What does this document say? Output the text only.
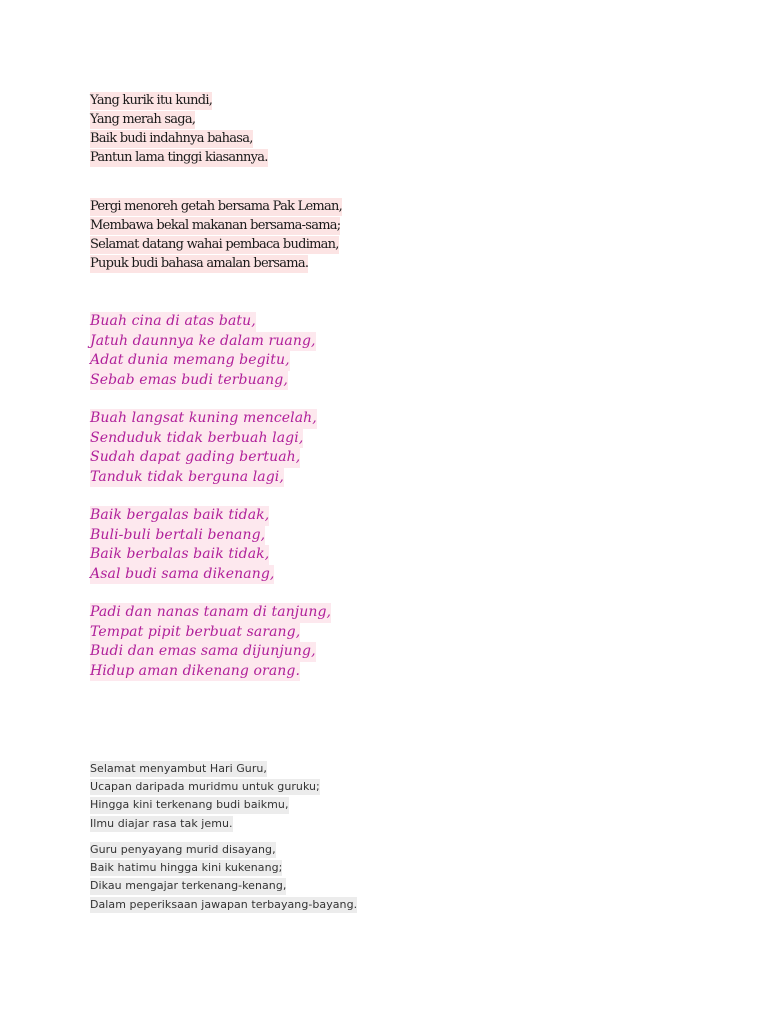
Yang kurik itu kundi,
Yang merah saga,
Baik budi indahnya bahasa,
Pantun lama tinggi kiasannya.
Pergi menoreh getah bersama Pak Leman,
Membawa bekal makanan bersama-sama;
Selamat datang wahai pembaca budiman,
Pupuk budi bahasa amalan bersama.
Buah cina di atas batu,
Jatuh daunnya ke dalam ruang,
Adat dunia memang begitu,
Sebab emas budi terbuang,
Buah langsat kuning mencelah,
Senduduk tidak berbuah lagi,
Sudah dapat gading bertuah,
Tanduk tidak berguna lagi,
Baik bergalas baik tidak,
Buli-buli bertali benang,
Baik berbalas baik tidak,
Asal budi sama dikenang,
Padi dan nanas tanam di tanjung,
Tempat pipit berbuat sarang,
Budi dan emas sama dijunjung,
Hidup aman dikenang orang.
Selamat menyambut Hari Guru,
Ucapan daripada muridmu untuk guruku;
Hingga kini terkenang budi baikmu,
Ilmu diajar rasa tak jemu.
Guru penyayang murid disayang,
Baik hatimu hingga kini kukenang;
Dikau mengajar terkenang-kenang,
Dalam peperiksaan jawapan terbayang-bayang.
